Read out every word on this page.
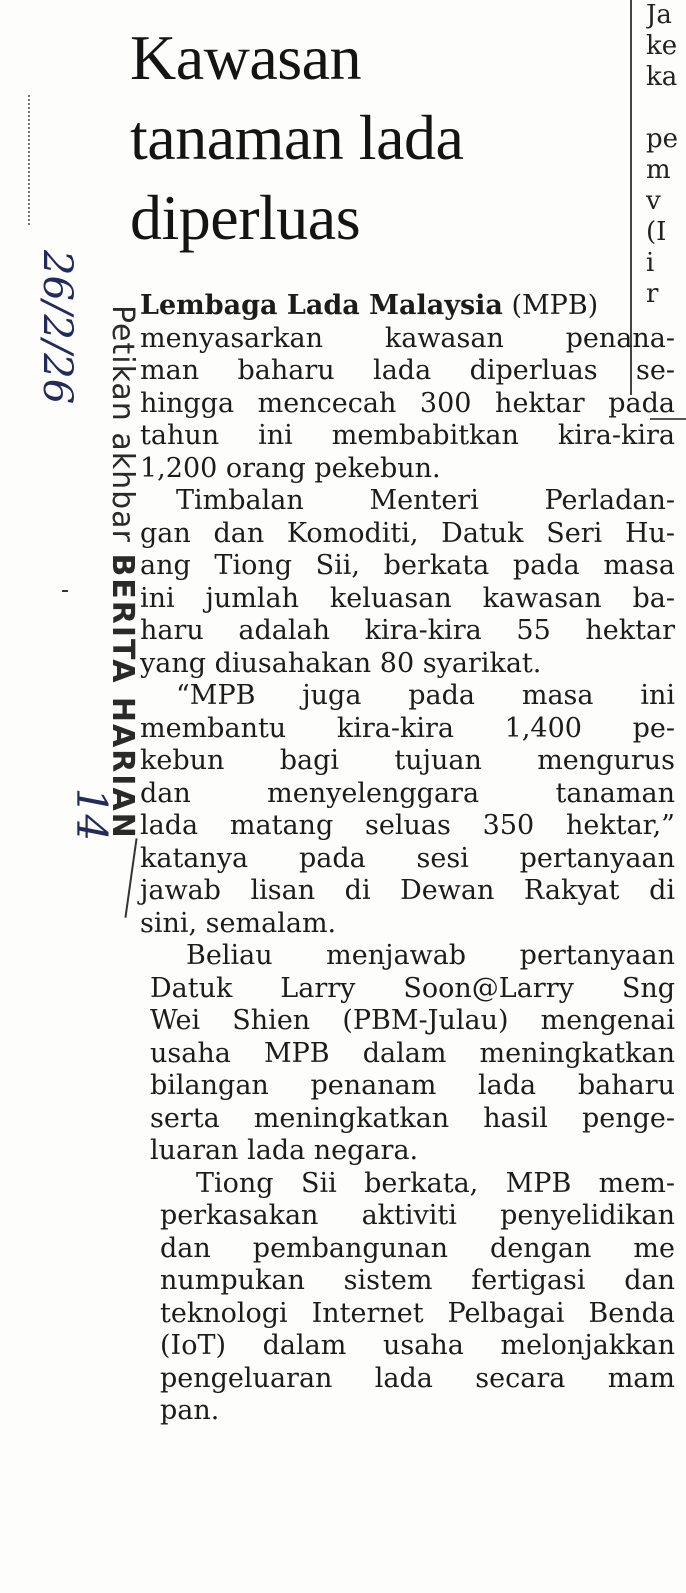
Petikan akhbar BERITA HARIAN
26/2/26
14
Ja
ke
ka

pe
m
v
(I
i
r
Kawasan
tanaman lada
diperluas
Lembaga Lada Malaysia (MPB)
menyasarkan kawasan penana-
man baharu lada diperluas se-
hingga mencecah 300 hektar pada
tahun ini membabitkan kira-kira
1,200 orang pekebun.
Timbalan Menteri Perladan-
gan dan Komoditi, Datuk Seri Hu-
ang Tiong Sii, berkata pada masa
ini jumlah keluasan kawasan ba-
haru adalah kira-kira 55 hektar
yang diusahakan 80 syarikat.
“MPB juga pada masa ini
membantu kira-kira 1,400 pe-
kebun bagi tujuan mengurus
dan menyelenggara tanaman
lada matang seluas 350 hektar,”
katanya pada sesi pertanyaan
jawab lisan di Dewan Rakyat di
sini, semalam.
Beliau menjawab pertanyaan
Datuk Larry Soon@Larry Sng
Wei Shien (PBM-Julau) mengenai
usaha MPB dalam meningkatkan
bilangan penanam lada baharu
serta meningkatkan hasil penge-
luaran lada negara.
Tiong Sii berkata, MPB mem-
perkasakan aktiviti penyelidikan
dan pembangunan dengan me
numpukan sistem fertigasi dan
teknologi Internet Pelbagai Benda
(IoT) dalam usaha melonjakkan
pengeluaran lada secara mam
pan.
